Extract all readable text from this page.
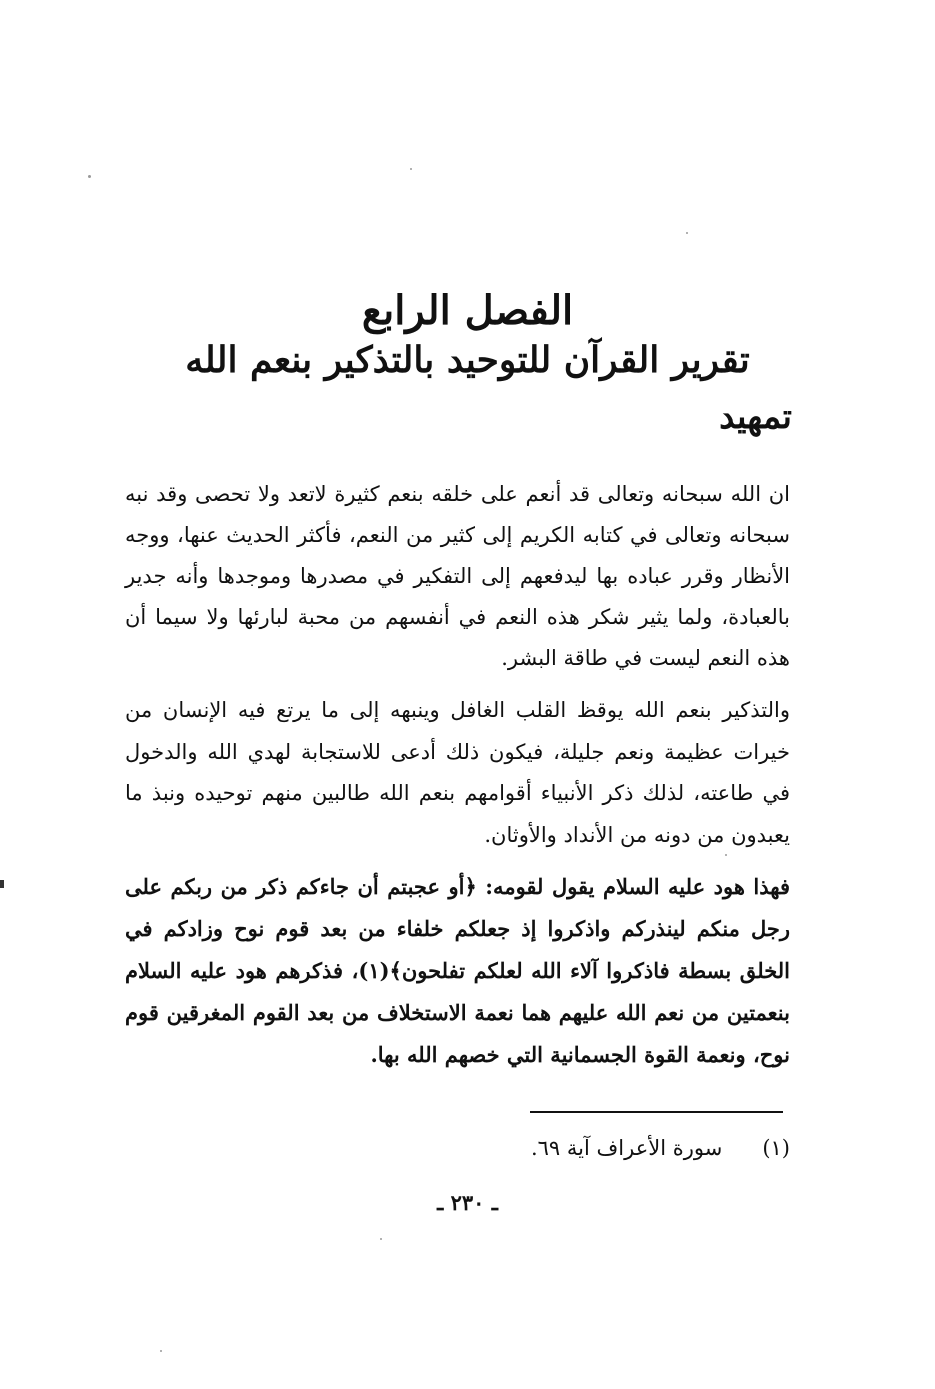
الفصل الرابع
تقرير القرآن للتوحيد بالتذكير بنعم الله
تمهيد

ان الله سبحانه وتعالى قد أنعم على خلقه بنعم كثيرة لاتعد ولا تحصى وقد نبه سبحانه وتعالى في كتابه الكريم إلى كثير من النعم، فأكثر الحديث عنها، ووجه الأنظار وقرر عباده بها ليدفعهم إلى التفكير في مصدرها وموجدها وأنه جدير بالعبادة، ولما يثير شكر هذه النعم في أنفسهم من محبة لبارئها ولا سيما أن هذه النعم ليست في طاقة البشر.

والتذكير بنعم الله يوقظ القلب الغافل وينبهه إلى ما يرتع فيه الإنسان من خيرات عظيمة ونعم جليلة، فيكون ذلك أدعى للاستجابة لهدي الله والدخول في طاعته، لذلك ذكر الأنبياء أقوامهم بنعم الله طالبين منهم توحيده ونبذ ما يعبدون من دونه من الأنداد والأوثان.

فهذا هود عليه السلام يقول لقومه: ﴿أو عجبتم أن جاءكم ذكر من ربكم على رجل منكم لينذركم واذكروا إذ جعلكم خلفاء من بعد قوم نوح وزادكم في الخلق بسطة فاذكروا آلاء الله لعلكم تفلحون﴾(١)، فذكرهم هود عليه السلام بنعمتين من نعم الله عليهم هما نعمة الاستخلاف من بعد القوم المغرقين قوم نوح، ونعمة القوة الجسمانية التي خصهم الله بها.

(١)سورة الأعراف آية ٦٩.
ـ ٢٣٠ ـ
